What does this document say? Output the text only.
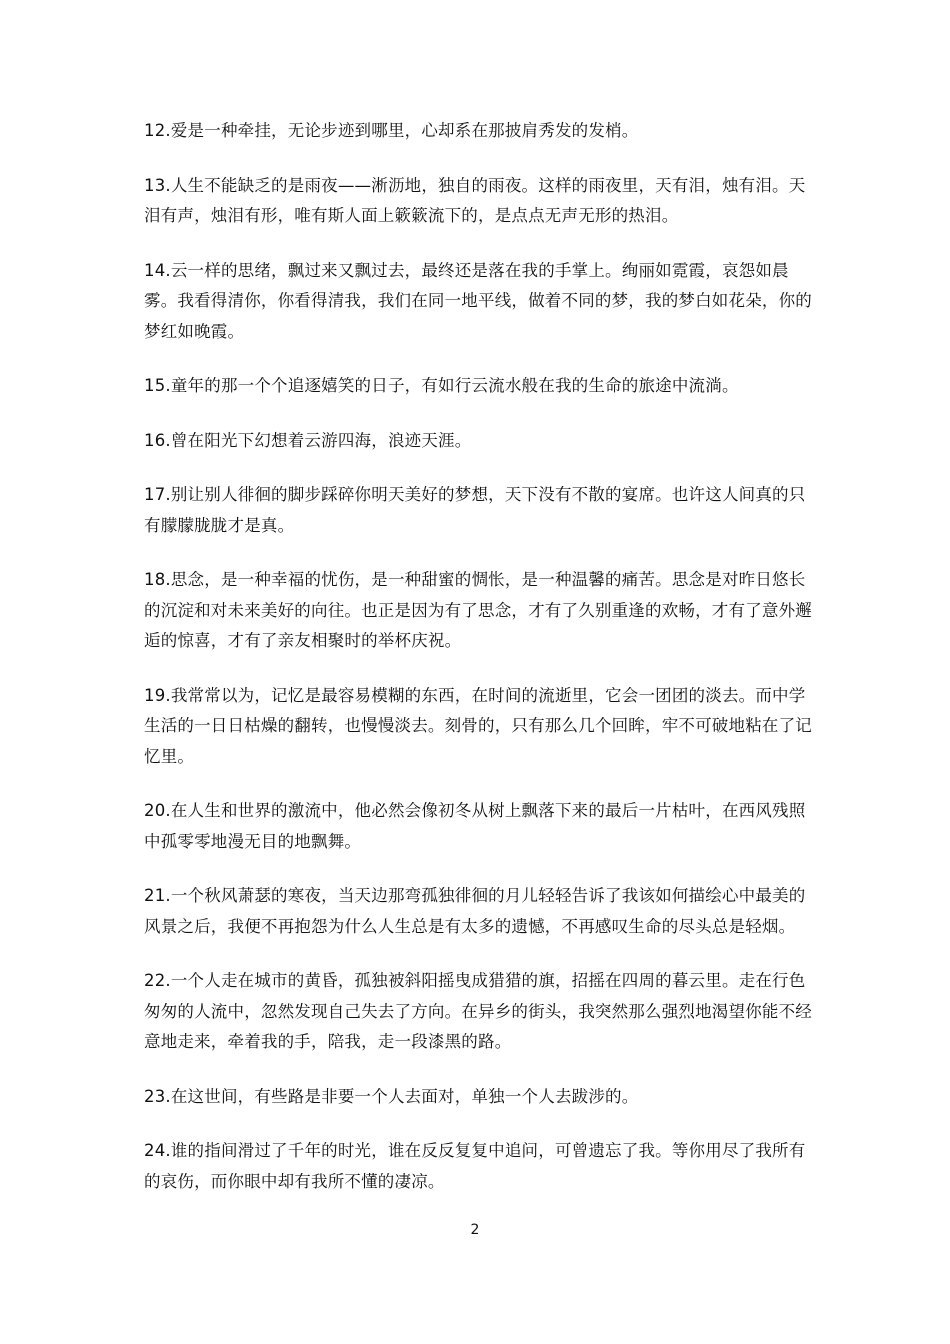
12.爱是一种牵挂，无论步迹到哪里，心却系在那披肩秀发的发梢。

13.人生不能缺乏的是雨夜——淅沥地，独自的雨夜。这样的雨夜里，天有泪，烛有泪。天泪有声，烛泪有形，唯有斯人面上簌簌流下的，是点点无声无形的热泪。

14.云一样的思绪，飘过来又飘过去，最终还是落在我的手掌上。绚丽如霓霞，哀怨如晨雾。我看得清你，你看得清我，我们在同一地平线，做着不同的梦，我的梦白如花朵，你的梦红如晚霞。

15.童年的那一个个追逐嬉笑的日子，有如行云流水般在我的生命的旅途中流淌。

16.曾在阳光下幻想着云游四海，浪迹天涯。

17.别让别人徘徊的脚步踩碎你明天美好的梦想，天下没有不散的宴席。也许这人间真的只有朦朦胧胧才是真。

18.思念，是一种幸福的忧伤，是一种甜蜜的惆怅，是一种温馨的痛苦。思念是对昨日悠长的沉淀和对未来美好的向往。也正是因为有了思念，才有了久别重逢的欢畅，才有了意外邂逅的惊喜，才有了亲友相聚时的举杯庆祝。

19.我常常以为，记忆是最容易模糊的东西，在时间的流逝里，它会一团团的淡去。而中学生活的一日日枯燥的翻转，也慢慢淡去。刻骨的，只有那么几个回眸，牢不可破地粘在了记忆里。

20.在人生和世界的激流中，他必然会像初冬从树上飘落下来的最后一片枯叶，在西风残照中孤零零地漫无目的地飘舞。

21.一个秋风萧瑟的寒夜，当天边那弯孤独徘徊的月儿轻轻告诉了我该如何描绘心中最美的风景之后，我便不再抱怨为什么人生总是有太多的遗憾，不再感叹生命的尽头总是轻烟。

22.一个人走在城市的黄昏，孤独被斜阳摇曳成猎猎的旗，招摇在四周的暮云里。走在行色匆匆的人流中，忽然发现自己失去了方向。在异乡的街头，我突然那么强烈地渴望你能不经意地走来，牵着我的手，陪我，走一段漆黑的路。

23.在这世间，有些路是非要一个人去面对，单独一个人去跋涉的。

24.谁的指间滑过了千年的时光，谁在反反复复中追问，可曾遗忘了我。等你用尽了我所有的哀伤，而你眼中却有我所不懂的凄凉。

2
